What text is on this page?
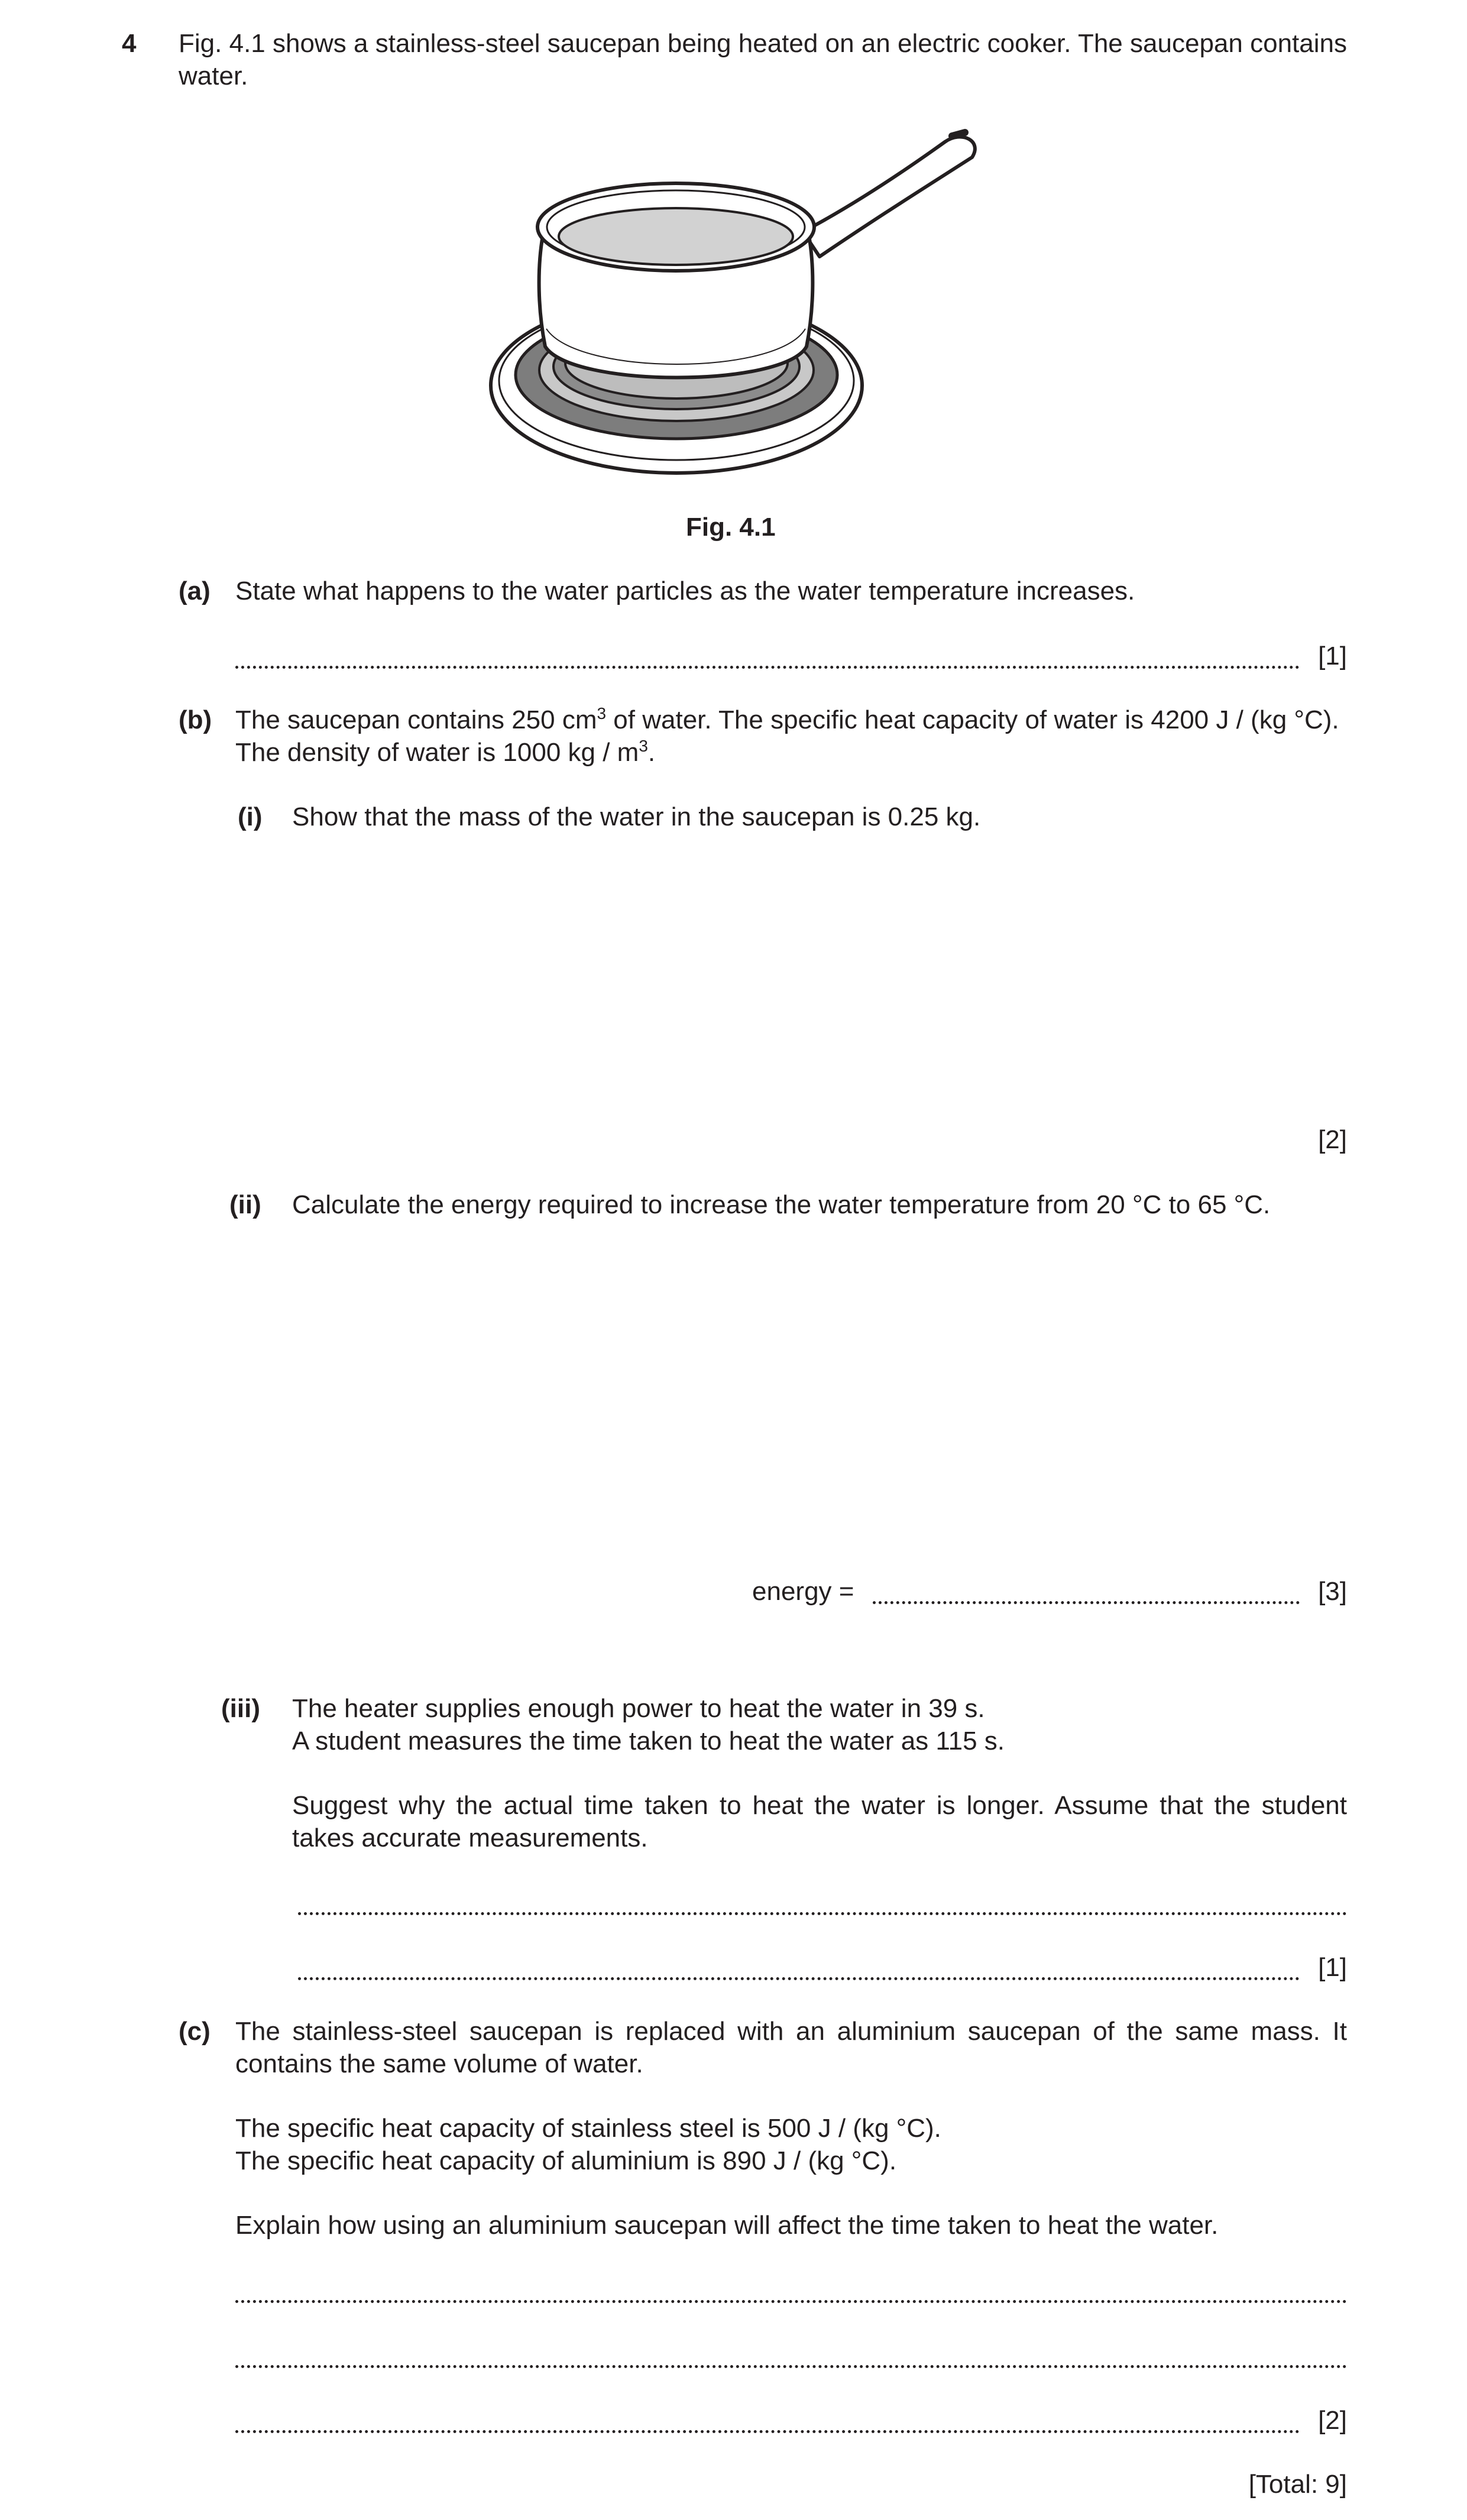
4 Fig. 4.1 shows a stainless-steel saucepan being heated on an electric cooker. The saucepan contains water.
Fig. 4.1
(a) State what happens to the water particles as the water temperature increases.
[1]
(b) The saucepan contains 250 $cm^3$ of water. The specific heat capacity of water is 4200 J / (kg °C).
The density of water is 1000 kg / $m^3$.
(i) Show that the mass of the water in the saucepan is 0.25 kg.
[2]
(ii) Calculate the energy required to increase the water temperature from 20 °C to 65 °C.
energy =	[3]
(iii) The heater supplies enough power to heat the water in 39 s.
A student measures the time taken to heat the water as 115 s.
Suggest why the actual time taken to heat the water is longer. Assume that the student takes accurate measurements.
[1]
(c) The stainless-steel saucepan is replaced with an aluminium saucepan of the same mass. It contains the same volume of water.
The specific heat capacity of stainless steel is 500 J / (kg °C).
The specific heat capacity of aluminium is 890 J / (kg °C).
Explain how using an aluminium saucepan will affect the time taken to heat the water.
[2]
[Total: 9]
